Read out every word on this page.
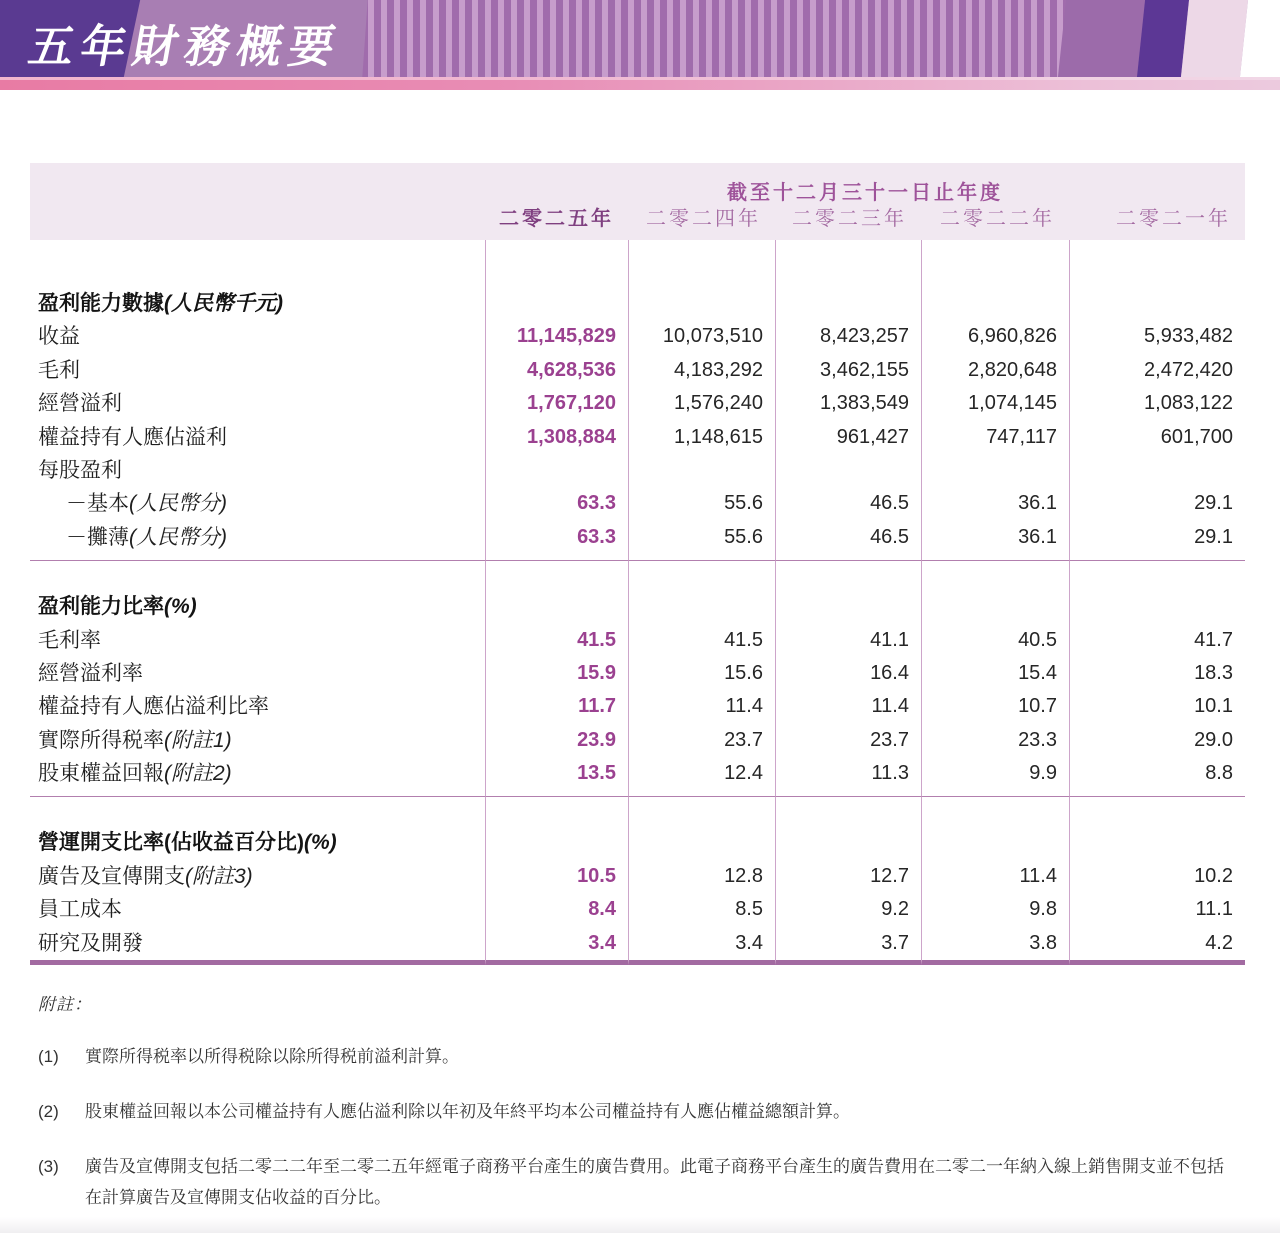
五年財務概要
截至十二月三十一日止年度
二零二五年	二零二四年	二零二三年	二零二二年	二零二一年
盈利能力數據(人民幣千元)
收益	11,145,829	10,073,510	8,423,257	6,960,826	5,933,482
毛利	4,628,536	4,183,292	3,462,155	2,820,648	2,472,420
經營溢利	1,767,120	1,576,240	1,383,549	1,074,145	1,083,122
權益持有人應佔溢利	1,308,884	1,148,615	961,427	747,117	601,700
每股盈利
－基本(人民幣分)	63.3	55.6	46.5	36.1	29.1
－攤薄(人民幣分)	63.3	55.6	46.5	36.1	29.1
盈利能力比率(%)
毛利率	41.5	41.5	41.1	40.5	41.7
經營溢利率	15.9	15.6	16.4	15.4	18.3
權益持有人應佔溢利比率	11.7	11.4	11.4	10.7	10.1
實際所得税率(附註1)	23.9	23.7	23.7	23.3	29.0
股東權益回報(附註2)	13.5	12.4	11.3	9.9	8.8
營運開支比率(佔收益百分比)(%)
廣告及宣傳開支(附註3)	10.5	12.8	12.7	11.4	10.2
員工成本	8.4	8.5	9.2	9.8	11.1
研究及開發	3.4	3.4	3.7	3.8	4.2
附註：
(1)	實際所得税率以所得税除以除所得税前溢利計算。
(2)	股東權益回報以本公司權益持有人應佔溢利除以年初及年終平均本公司權益持有人應佔權益總額計算。
(3)	廣告及宣傳開支包括二零二二年至二零二五年經電子商務平台產生的廣告費用。此電子商務平台產生的廣告費用在二零二一年納入線上銷售開支並不包括在計算廣告及宣傳開支佔收益的百分比。
